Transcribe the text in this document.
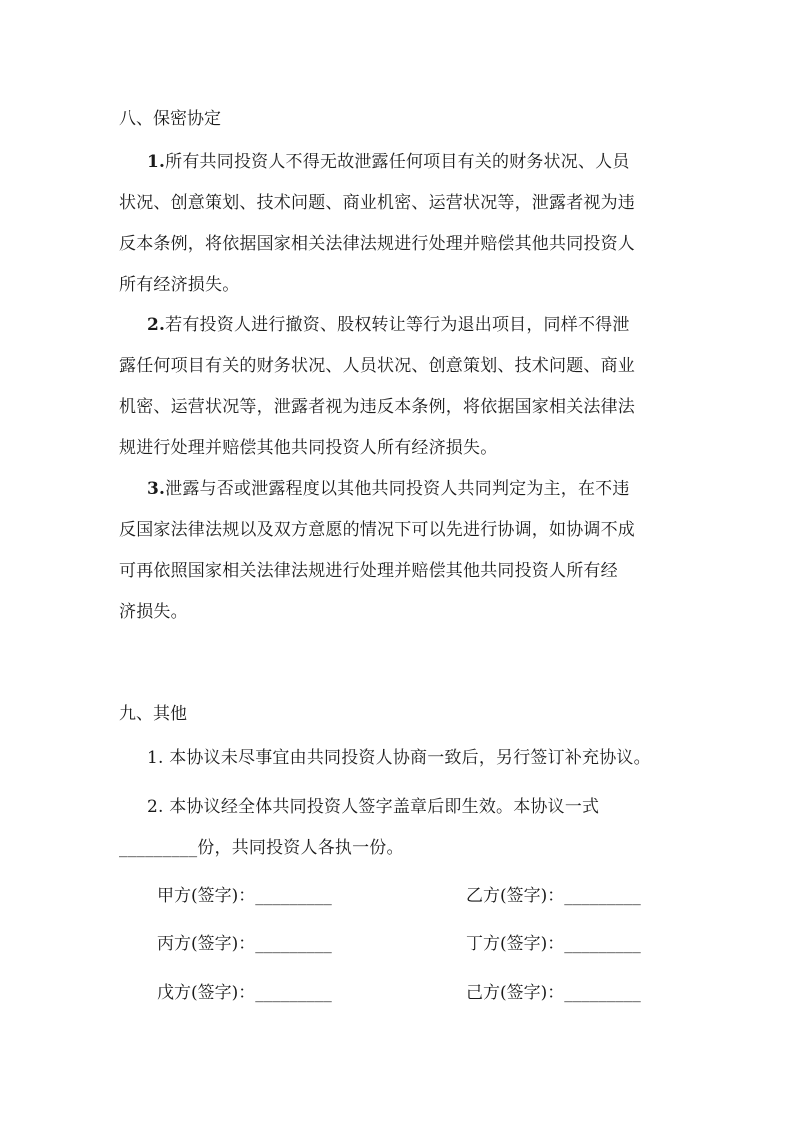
八、保密协定
1.所有共同投资人不得无故泄露任何项目有关的财务状况、人员
状况、创意策划、技术问题、商业机密、运营状况等，泄露者视为违
反本条例，将依据国家相关法律法规进行处理并赔偿其他共同投资人
所有经济损失。
2.若有投资人进行撤资、股权转让等行为退出项目，同样不得泄
露任何项目有关的财务状况、人员状况、创意策划、技术问题、商业
机密、运营状况等，泄露者视为违反本条例，将依据国家相关法律法
规进行处理并赔偿其他共同投资人所有经济损失。
3.泄露与否或泄露程度以其他共同投资人共同判定为主，在不违
反国家法律法规以及双方意愿的情况下可以先进行协调，如协调不成
可再依照国家相关法律法规进行处理并赔偿其他共同投资人所有经
济损失。
九、其他
1. 本协议未尽事宜由共同投资人协商一致后，另行签订补充协议。
2. 本协议经全体共同投资人签字盖章后即生效。本协议一式
_________份，共同投资人各执一份。
甲方(签字)：_________	乙方(签字)：_________
丙方(签字)：_________	丁方(签字)：_________
戊方(签字)：_________	己方(签字)：_________
